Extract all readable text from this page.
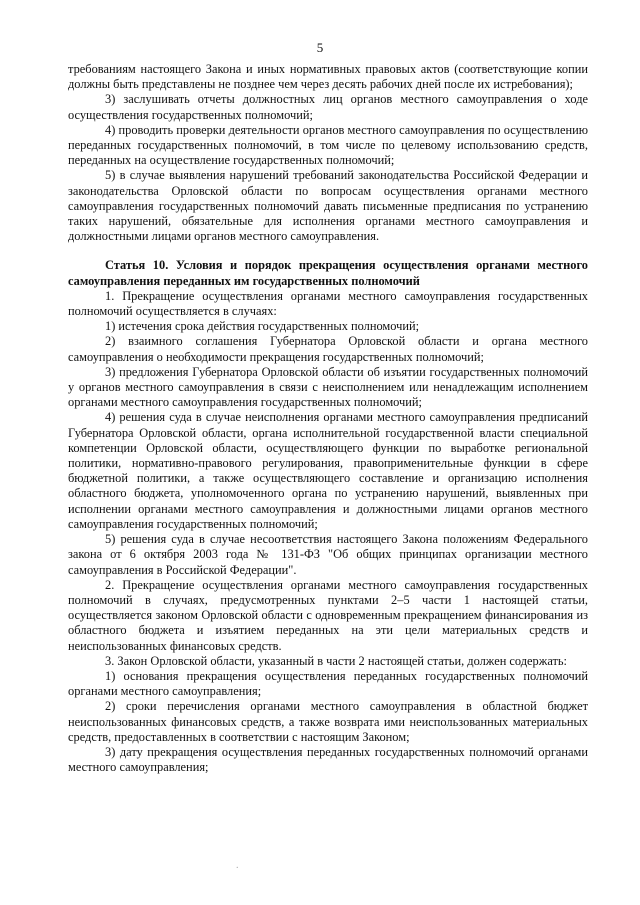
5

требованиям настоящего Закона и иных нормативных правовых актов (соответствующие копии должны быть представлены не позднее чем через десять рабочих дней после их истребования);

3) заслушивать отчеты должностных лиц органов местного самоуправления о ходе осуществления государственных полномочий;

4) проводить проверки деятельности органов местного самоуправления по осуществлению переданных государственных полномочий, в том числе по целевому использованию средств, переданных на осуществление государственных полномочий;

5) в случае выявления нарушений требований законодательства Российской Федерации и законодательства Орловской области по вопросам осуществления органами местного самоуправления государственных полномочий давать письменные предписания по устранению таких нарушений, обязательные для исполнения органами местного самоуправления и должностными лицами органов местного самоуправления.

Статья 10. Условия и порядок прекращения осуществления органами местного самоуправления переданных им государственных полномочий

1. Прекращение осуществления органами местного самоуправления государственных полномочий осуществляется в случаях:

1) истечения срока действия государственных полномочий;

2) взаимного соглашения Губернатора Орловской области и органа местного самоуправления о необходимости прекращения государственных полномочий;

3) предложения Губернатора Орловской области об изъятии государственных полномочий у органов местного самоуправления в связи с неисполнением или ненадлежащим исполнением органами местного самоуправления государственных полномочий;

4) решения суда в случае неисполнения органами местного самоуправления предписаний Губернатора Орловской области, органа исполнительной государственной власти специальной компетенции Орловской области, осуществляющего функции по выработке региональной политики, нормативно-правового регулирования, правоприменительные функции в сфере бюджетной политики, а также осуществляющего составление и организацию исполнения областного бюджета, уполномоченного органа по устранению нарушений, выявленных при исполнении органами местного самоуправления и должностными лицами органов местного самоуправления государственных полномочий;

5) решения суда в случае несоответствия настоящего Закона положениям Федерального закона от 6 октября 2003 года № 131-ФЗ "Об общих принципах организации местного самоуправления в Российской Федерации".

2. Прекращение осуществления органами местного самоуправления государственных полномочий в случаях, предусмотренных пунктами 2–5 части 1 настоящей статьи, осуществляется законом Орловской области с одновременным прекращением финансирования из областного бюджета и изъятием переданных на эти цели материальных средств и неиспользованных финансовых средств.

3. Закон Орловской области, указанный в части 2 настоящей статьи, должен содержать:

1) основания прекращения осуществления переданных государственных полномочий органами местного самоуправления;

2) сроки перечисления органами местного самоуправления в областной бюджет неиспользованных финансовых средств, а также возврата ими неиспользованных материальных средств, предоставленных в соответствии с настоящим Законом;

3) дату прекращения осуществления переданных государственных полномочий органами местного самоуправления;

.
